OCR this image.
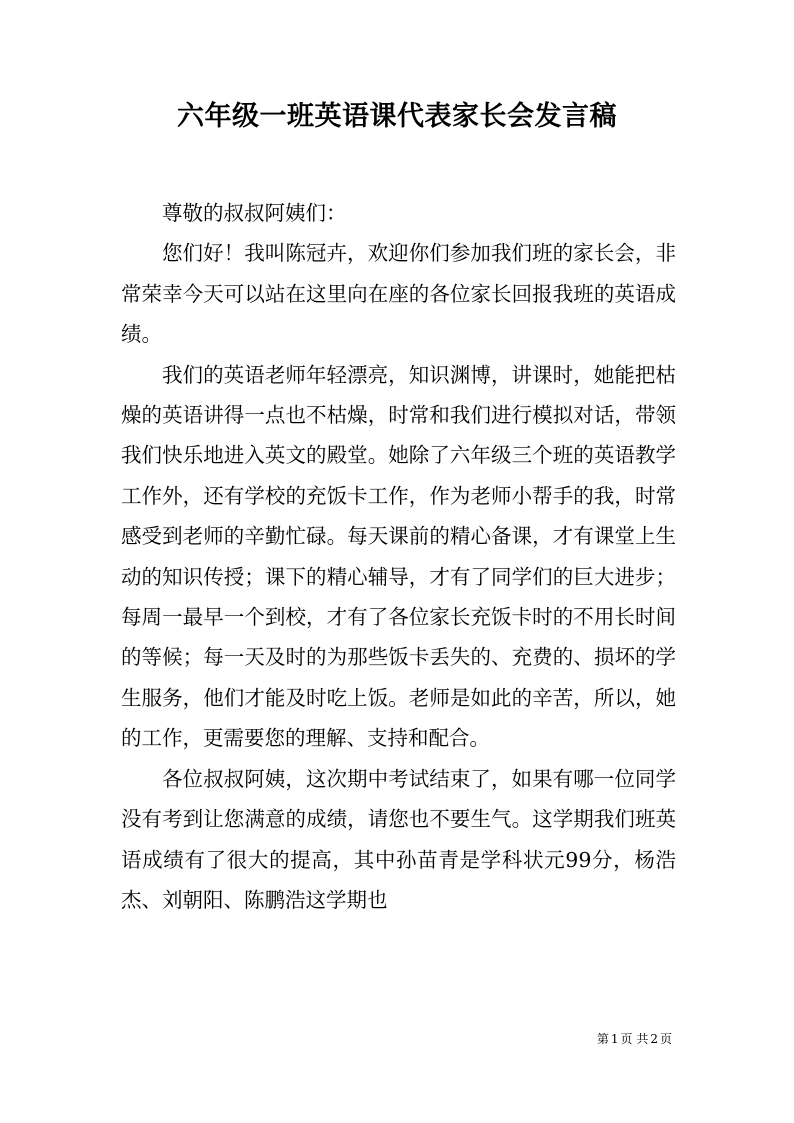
六年级一班英语课代表家长会发言稿

尊敬的叔叔阿姨们：

您们好！我叫陈冠卉，欢迎你们参加我们班的家长会，非常荣幸今天可以站在这里向在座的各位家长回报我班的英语成绩。

我们的英语老师年轻漂亮，知识渊博，讲课时，她能把枯燥的英语讲得一点也不枯燥，时常和我们进行模拟对话，带领我们快乐地进入英文的殿堂。她除了六年级三个班的英语教学工作外，还有学校的充饭卡工作，作为老师小帮手的我，时常感受到老师的辛勤忙碌。每天课前的精心备课，才有课堂上生动的知识传授；课下的精心辅导，才有了同学们的巨大进步；每周一最早一个到校，才有了各位家长充饭卡时的不用长时间的等候；每一天及时的为那些饭卡丢失的、充费的、损坏的学生服务，他们才能及时吃上饭。老师是如此的辛苦，所以，她的工作，更需要您的理解、支持和配合。

各位叔叔阿姨，这次期中考试结束了，如果有哪一位同学没有考到让您满意的成绩，请您也不要生气。这学期我们班英语成绩有了很大的提高，其中孙苗青是学科状元99分，杨浩杰、刘朝阳、陈鹏浩这学期也

第 1 页 共 2 页
